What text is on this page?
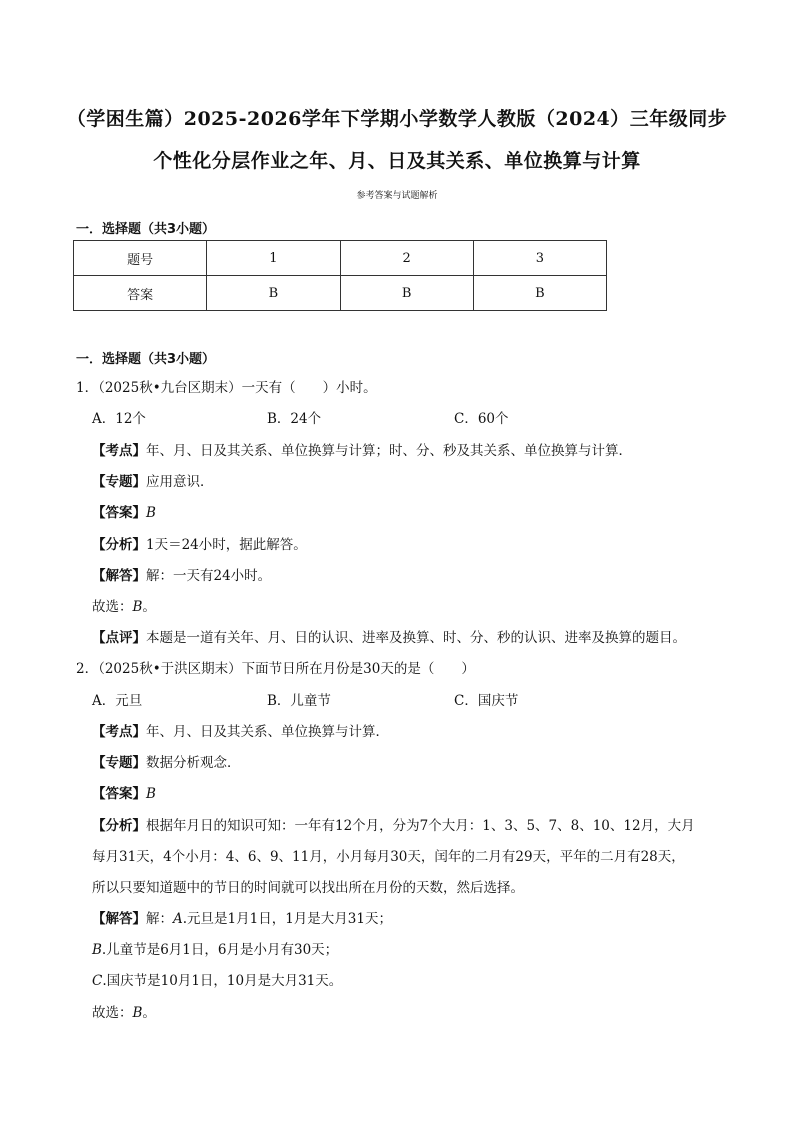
（学困生篇）2025-2026学年下学期小学数学人教版（2024）三年级同步
个性化分层作业之年、月、日及其关系、单位换算与计算
参考答案与试题解析
一．选择题（共3小题）
题号	1	2	3
答案	B	B	B
一．选择题（共3小题）
1．（2025秋•九台区期末）一天有（　　）小时。
A．12个	B．24个	C．60个
【考点】年、月、日及其关系、单位换算与计算；时、分、秒及其关系、单位换算与计算．
【专题】应用意识．
【答案】B
【分析】1天＝24小时，据此解答。
【解答】解：一天有24小时。
故选：B。
【点评】本题是一道有关年、月、日的认识、进率及换算、时、分、秒的认识、进率及换算的题目。
2．（2025秋•于洪区期末）下面节日所在月份是30天的是（　　）
A．元旦	B．儿童节	C．国庆节
【考点】年、月、日及其关系、单位换算与计算．
【专题】数据分析观念．
【答案】B
【分析】根据年月日的知识可知：一年有12个月，分为7个大月：1、3、5、7、8、10、12月，大月
每月31天，4个小月：4、6、9、11月，小月每月30天，闰年的二月有29天，平年的二月有28天，
所以只要知道题中的节日的时间就可以找出所在月份的天数，然后选择。
【解答】解：A.元旦是1月1日，1月是大月31天；
B.儿童节是6月1日，6月是小月有30天；
C.国庆节是10月1日，10月是大月31天。
故选：B。
